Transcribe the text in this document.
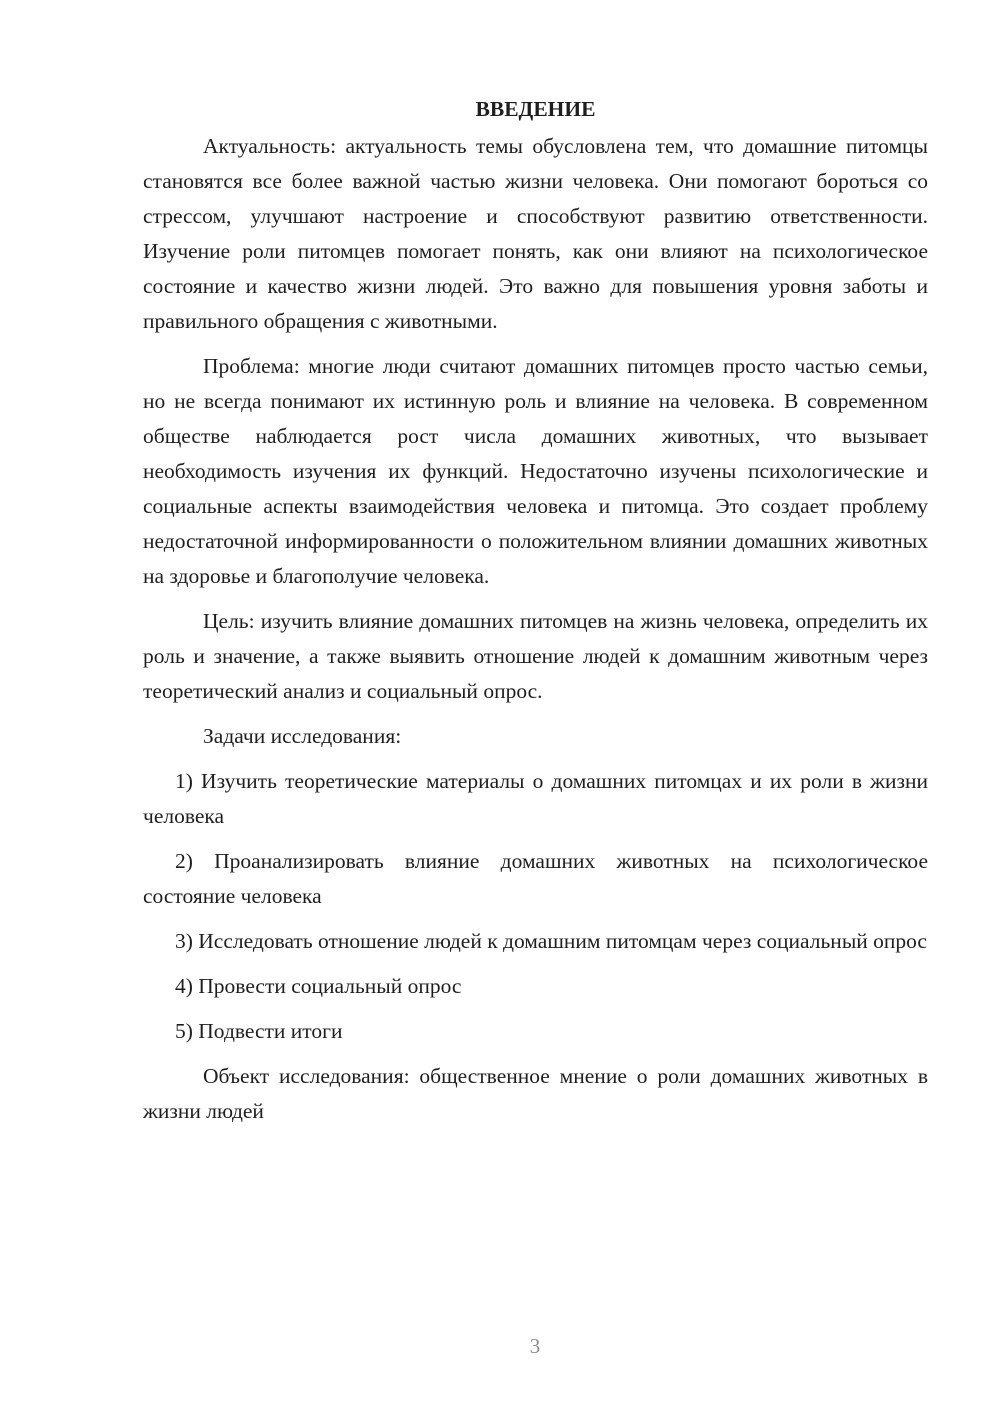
ВВЕДЕНИЕ

Актуальность: актуальность темы обусловлена тем, что домашние питомцы становятся все более важной частью жизни человека. Они помогают бороться со стрессом, улучшают настроение и способствуют развитию ответственности. Изучение роли питомцев помогает понять, как они влияют на психологическое состояние и качество жизни людей. Это важно для повышения уровня заботы и правильного обращения с животными.

Проблема: многие люди считают домашних питомцев просто частью семьи, но не всегда понимают их истинную роль и влияние на человека. В современном обществе наблюдается рост числа домашних животных, что вызывает необходимость изучения их функций. Недостаточно изучены психологические и социальные аспекты взаимодействия человека и питомца. Это создает проблему недостаточной информированности о положительном влиянии домашних животных на здоровье и благополучие человека.

Цель: изучить влияние домашних питомцев на жизнь человека, определить их роль и значение, а также выявить отношение людей к домашним животным через теоретический анализ и социальный опрос.

Задачи исследования:

1) Изучить теоретические материалы о домашних питомцах и их роли в жизни человека

2) Проанализировать влияние домашних животных на психологическое состояние человека

3) Исследовать отношение людей к домашним питомцам через социальный опрос

4) Провести социальный опрос

5) Подвести итоги

Объект исследования: общественное мнение о роли домашних животных в жизни людей

3
